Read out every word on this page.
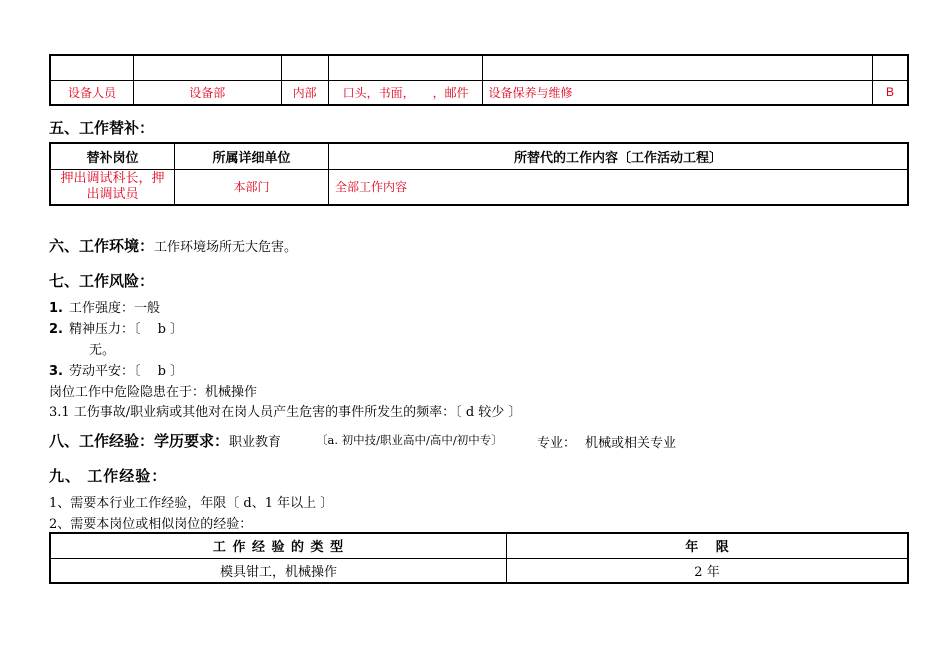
设备人员	设备部	内部	口头，书面，　　，邮件	设备保养与维修	B
五、工作替补：
替补岗位	所属详细单位	所替代的工作内容〔工作活动工程〕
押出调试科长，押出调试员	本部门	全部工作内容
六、工作环境：工作环境场所无大危害。
七、工作风险：
1. 工作强度：一般
2. 精神压力：〔　 b 〕
无。
3. 劳动平安：〔　 b 〕
岗位工作中危险隐患在于：机械操作
3.1 工伤事故/职业病或其他对在岗人员产生危害的事件所发生的频率：〔 d 较少 〕
八、工作经验：学历要求：职业教育	〔a. 初中技/职业高中/高中/初中专〕	专业： 机械或相关专业
九、 工作经验：
1、需要本行业工作经验，年限〔 d、1 年以上 〕
2、需要本岗位或相似岗位的经验：
工 作 经 验 的 类 型	年　 限
模具钳工，机械操作	2 年
